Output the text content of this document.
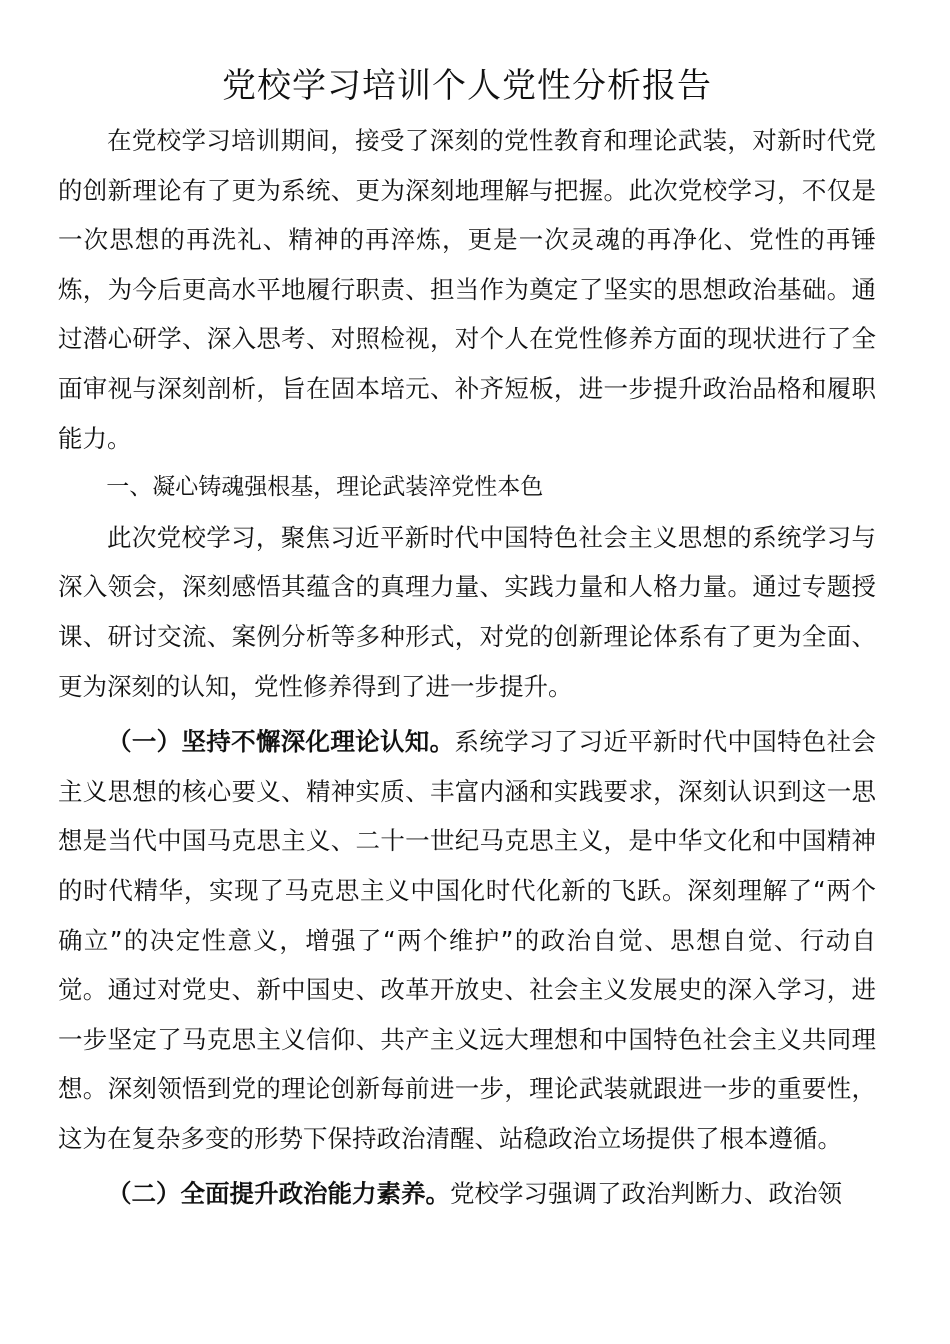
党校学习培训个人党性分析报告

在党校学习培训期间，接受了深刻的党性教育和理论武装，对新时代党的创新理论有了更为系统、更为深刻地理解与把握。此次党校学习，不仅是一次思想的再洗礼、精神的再淬炼，更是一次灵魂的再净化、党性的再锤炼，为今后更高水平地履行职责、担当作为奠定了坚实的思想政治基础。通过潜心研学、深入思考、对照检视，对个人在党性修养方面的现状进行了全面审视与深刻剖析，旨在固本培元、补齐短板，进一步提升政治品格和履职能力。

一、凝心铸魂强根基，理论武装淬党性本色

此次党校学习，聚焦习近平新时代中国特色社会主义思想的系统学习与深入领会，深刻感悟其蕴含的真理力量、实践力量和人格力量。通过专题授课、研讨交流、案例分析等多种形式，对党的创新理论体系有了更为全面、更为深刻的认知，党性修养得到了进一步提升。

（一）坚持不懈深化理论认知。系统学习了习近平新时代中国特色社会主义思想的核心要义、精神实质、丰富内涵和实践要求，深刻认识到这一思想是当代中国马克思主义、二十一世纪马克思主义，是中华文化和中国精神的时代精华，实现了马克思主义中国化时代化新的飞跃。深刻理解了“两个确立”的决定性意义，增强了“两个维护”的政治自觉、思想自觉、行动自觉。通过对党史、新中国史、改革开放史、社会主义发展史的深入学习，进一步坚定了马克思主义信仰、共产主义远大理想和中国特色社会主义共同理想。深刻领悟到党的理论创新每前进一步，理论武装就跟进一步的重要性，这为在复杂多变的形势下保持政治清醒、站稳政治立场提供了根本遵循。

（二）全面提升政治能力素养。党校学习强调了政治判断力、政治领
